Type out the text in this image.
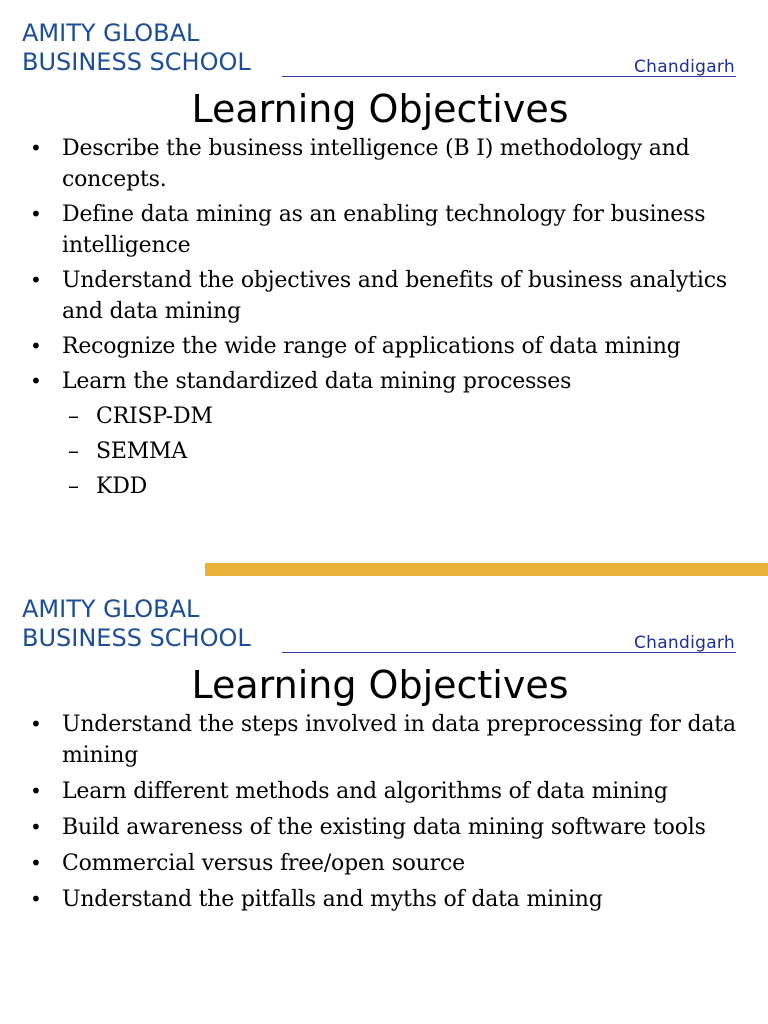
AMITY GLOBAL
BUSINESS SCHOOL	Chandigarh
Learning Objectives
• Describe the business intelligence (B I) methodology and concepts.
• Define data mining as an enabling technology for business intelligence
• Understand the objectives and benefits of business analytics and data mining
• Recognize the wide range of applications of data mining
• Learn the standardized data mining processes
– CRISP-DM
– SEMMA
– KDD
AMITY GLOBAL
BUSINESS SCHOOL	Chandigarh
Learning Objectives
• Understand the steps involved in data preprocessing for data mining
• Learn different methods and algorithms of data mining
• Build awareness of the existing data mining software tools
• Commercial versus free/open source
• Understand the pitfalls and myths of data mining
